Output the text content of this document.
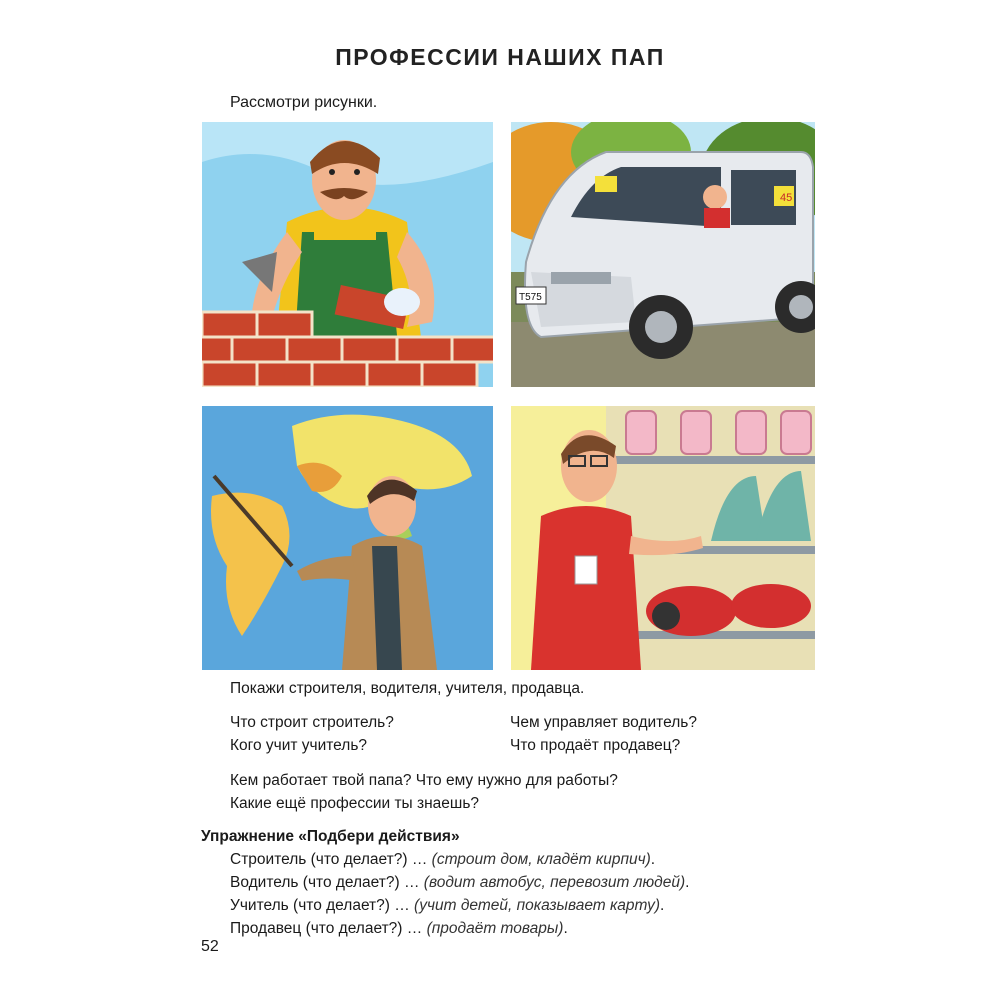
ПРОФЕССИИ НАШИХ ПАП
Рассмотри рисунки.
45
Т575
Покажи строителя, водителя, учителя, продавца.
Что строит строитель?
Кого учит учитель?
Чем управляет водитель?
Что продаёт продавец?
Кем работает твой папа? Что ему нужно для работы?
Какие ещё профессии ты знаешь?
Упражнение «Подбери действия»
Строитель (что делает?) … (строит дом, кладёт кирпич).
Водитель (что делает?) … (водит автобус, перевозит людей).
Учитель (что делает?) … (учит детей, показывает карту).
Продавец (что делает?) … (продаёт товары).
52
